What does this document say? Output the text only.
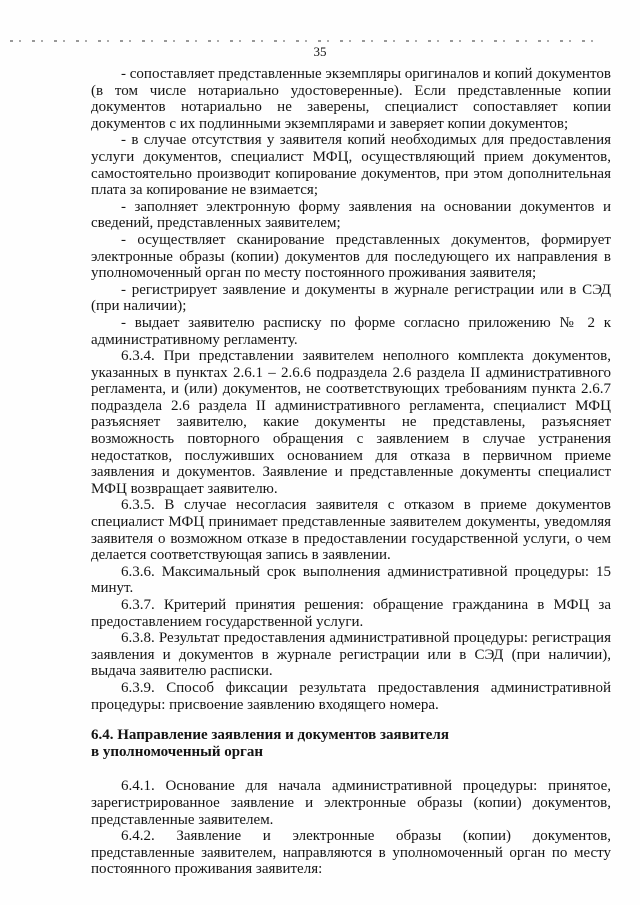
35

- сопоставляет представленные экземпляры оригиналов и копий документов (в том числе нотариально удостоверенные). Если представленные копии документов нотариально не заверены, специалист сопоставляет копии документов с их подлинными экземплярами и заверяет копии документов;

- в случае отсутствия у заявителя копий необходимых для предоставления услуги документов, специалист МФЦ, осуществляющий прием документов, самостоятельно производит копирование документов, при этом дополнительная плата за копирование не взимается;

- заполняет электронную форму заявления на основании документов и сведений, представленных заявителем;

- осуществляет сканирование представленных документов, формирует электронные образы (копии) документов для последующего их направления в уполномоченный орган по месту постоянного проживания заявителя;

- регистрирует заявление и документы в журнале регистрации или в СЭД (при наличии);

- выдает заявителю расписку по форме согласно приложению № 2 к административному регламенту.

6.3.4. При представлении заявителем неполного комплекта документов, указанных в пунктах 2.6.1 – 2.6.6 подраздела 2.6 раздела II административного регламента, и (или) документов, не соответствующих требованиям пункта 2.6.7 подраздела 2.6 раздела II административного регламента, специалист МФЦ разъясняет заявителю, какие документы не представлены, разъясняет возможность повторного обращения с заявлением в случае устранения недостатков, послуживших основанием для отказа в первичном приеме заявления и документов. Заявление и представленные документы специалист МФЦ возвращает заявителю.

6.3.5. В случае несогласия заявителя с отказом в приеме документов специалист МФЦ принимает представленные заявителем документы, уведомляя заявителя о возможном отказе в предоставлении государственной услуги, о чем делается соответствующая запись в заявлении.

6.3.6. Максимальный срок выполнения административной процедуры: 15 минут.

6.3.7. Критерий принятия решения: обращение гражданина в МФЦ за предоставлением государственной услуги.

6.3.8. Результат предоставления административной процедуры: регистрация заявления и документов в журнале регистрации или в СЭД (при наличии), выдача заявителю расписки.

6.3.9. Способ фиксации результата предоставления административной процедуры: присвоение заявлению входящего номера.

6.4. Направление заявления и документов заявителя

в уполномоченный орган

6.4.1. Основание для начала административной процедуры: принятое, зарегистрированное заявление и электронные образы (копии) документов, представленные заявителем.

6.4.2. Заявление и электронные образы (копии) документов, представленные заявителем, направляются в уполномоченный орган по месту постоянного проживания заявителя:
